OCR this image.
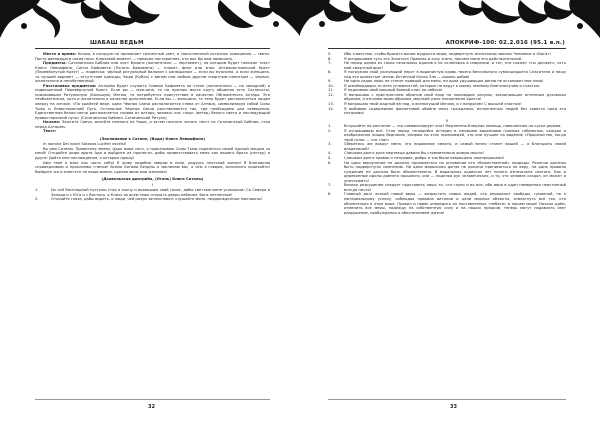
ШАБАШ ВЕДЬМ

Место и время: Ночью, в которую не проникает солнечный свет, и таинственный источник освещения — свечи. Посте двенадцати часов ночи. Ключевой момент — никаких посторонних, кто мог бы вам помешать.

Предметы: Сатанинская Библия или лист бумаги (желательно — пергамент), на котором будет написан текст Книги Левиафана, Сигил Бафомета (Печать Бафомета) — плакат, флаг или знак; Антихристианский Крест (Перевёрнутый Крест) — подвеска; чёрный ритуальный балахон с капюшоном — если вы мужчина, а если женщина, то лучшей вариант — отсутствие одежды; Чаша (Кубок) с вином или любым другим спиртным напитком — чёрное, желательно и несобственный.

Расстановка предметов: Алтарём будет служить Символ Бафомета на стене (желательно — на западной) и подвешенный Перевёрнутый Крест. Если вы — мужчина, то на нужном месте кругу общения есть Сатанисты, присвоивших Ритуальную (Большую) Магию, то потребуется присутствие в качестве Обнажённого Алтаря. Это необязательно, хотя и желательно в качестве дополнения. Если вы — женщина, то тело будет располагаться лицом кверху на алтаре. «По крайней мере, одна Чёрная Свеча располагается слева от Алтаря, символизируя собой Силы Тьмы и Левосторонний Путь. Остальные Чёрные Свечи расставляются так, где необходимо для освещения. Единственная белая свеча располагается справа от алтаря, являясь как «пир» (ветер) белого света и последующий правосторонний путь» (Сатанинская Библия. Сатанинский Ритуал).

Начало: Зажгите Свечи, испейте немного из Чаши, а затем начните читать текст из Сатанинской Библии, стоя перед Алтарём.

Текст:

(Заклинание к Сатане, (Вода) Книга Левиафана)

In nomine Dei nostri Satanas Luciferi excelsi!

Во имя Сатаны, Правителя земли, Царя мира сего, я приказываю Силы Тьмы подеlиться своей Адской мощью со мной! Откройте шире врата Ада и выйдите из пропасти, дабы приветствовать меня как вашего брата (сестру) и друга! Дайте мне наслаждения, о которых прошу!

Имя твоё я взял как часть себя! Я живу подобно зверям в поле, радуясь плотской жизни! Я благоволю справедливым и проклинаю гнилое! Всеми Богами Бездны я заклинаю вас, о чём я говорю, исполнить произойти! Выйдите же и ответьте на ваши имена, сделав явью мои желания!

(Дьявольская диатриба, (Огонь) Книга Сатаны)

I

1.	Их сей бесплодной пустыни стоя я кличу и возвышаю свой голос, дабы светлые меня услышали! Со Севера и Запада и с Юга и с Востока, я Кличу их всем знаю открыть двери небесам, боги-нетленные!
2.	Откройте глаза, дабы видеть, о люди, чей разум заплесневел; слушайте меня, недорожденные миллионы!
32
АПОКРИФ-100: 02.2.016 (95.1 в.п.)
5.	Ибо я восстаю, чтобы бросить вызов мудрости мира; подвергнуть испытанию законы Человека и «Бога»!
6.	Я испрашиваю суть его Золотого Правила и хочу знать, причем ныне его действительной.
7.	Не перед одним из таких печальных идолов я не склоняюсь в смирении, и тот, кто скажет «ты должен», есть мой смертный враг!
8.	Я погружаю свой указующий перст в водянистую кровь твоего бессильного сумасшедшего Спасителя и пишу над его шипастым челом: Истинный Князь Зла — король рабов!
9.	Ни одна седая ложь не станет правдой для меня, ни одна удушающая догма не остановит мое перо!
10.	Я освобождаюсь от всех условностей, которые не ведут к моему земному благополучию и счастью.
11.	Я поднимаю свой мощный боевой клич на небеса!
12.	Я вопрошаю с пристрастием обратив свой взор на пылающие разумы, заклинающие огненным духовным образом, и изгоняю моим образом, мерзкий ужас поклонения Христа!
13.	Я вопрошаю твой жадный взгляд, о всемогущий Иегова, и с вопросом! С высшей злостью!
14.	Я выбиваю содержимое фиолетовой обойне иных гражданых, исполненных людей без совести пред его потоками!

II

1.	Вслушайте на распятие — что символизирует оно? Мертвенно-бледная немощь, повешенная на куске дерева.
2.	Я испрашиваю всё. Стоя перед тенящейся истерии и лживыми видениями громких гибельных, каждое и изображения нищих бедняков, опираю на этих проповедей, что оно лучшее на видение «Пророчества, когда твой голос — это глас»
3.	Сберегись же вокруг меня, это пирование смерть; и самый вечно станет вашей — о благодать своей владелицей!
4.	Слишком долго рука мертвеца давила бы стремительно живую мысль!
5.	Слишком долго правое и неправое, добро и зло были извращены лжепророками!
6.	Ни одно вероучение не должно приниматься на основании его «божественной» природы. Религии должны быть подвергнуты сомнению. Ни одна моральная догма не должна приниматься на веру, ни одно правило суждения не должно быть обожествлено. В моральных кодексах нет ничего изначально святого. Как и деревянные идолы давнего прошлого, они — поделка рук человеческих, и то, что человек создал, он может и уничтожить!
7.	Велико разрушение следует подставить лишь то, что глупо и во все, ибо вера в один намерения неистинный всегда ничто!
8.	Главный долг всякой новой веры — возрастить новых людей, кто определит свободы, гуманной, но к материальному успеху, соблюдая правила виталии и цели мирные объекты, отвергнуть всё тех, кто обязательно в этом мире. Правил и навек опередить их поставленные «небеса» в нашем мире! Начало идём, отменить все меры, надежду на собственную силу и на наших предков, теперь могут подавлять свет разрушение, пробуждения и обеспечением жизни!
33
